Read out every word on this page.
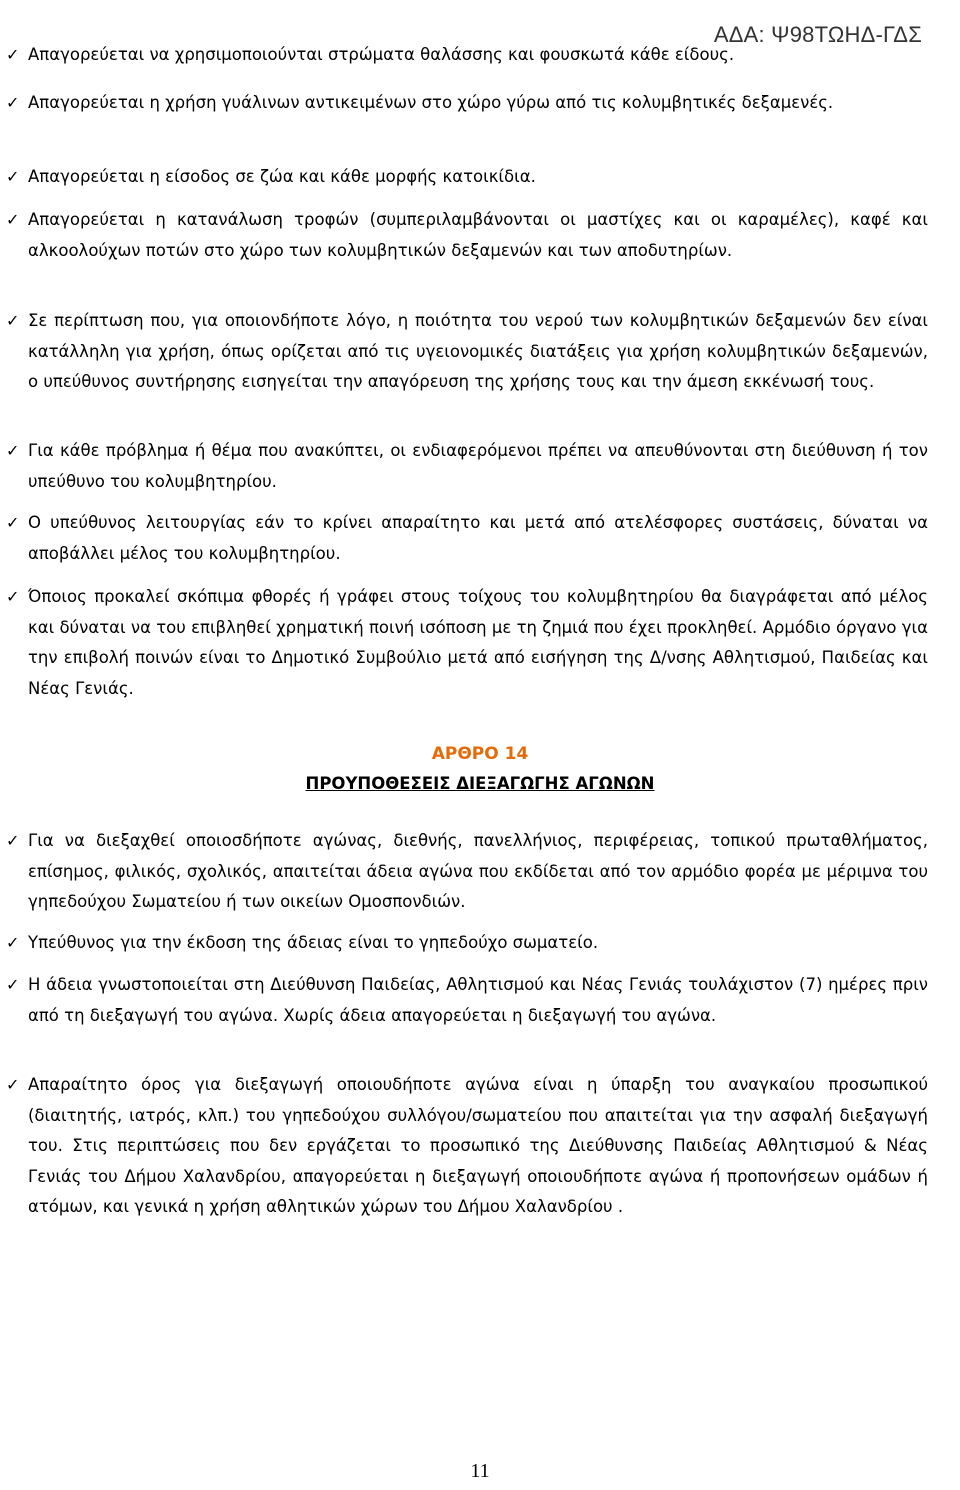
ΑΔΑ: Ψ98ΤΩΗΔ-ΓΔΣ
✓ Απαγορεύεται να χρησιμοποιούνται στρώματα θαλάσσης και φουσκωτά κάθε είδους.
✓ Απαγορεύεται η χρήση γυάλινων αντικειμένων στο χώρο γύρω από τις κολυμβητικές δεξαμενές.
✓ Απαγορεύεται η είσοδος σε ζώα και κάθε μορφής κατοικίδια.
✓ Απαγορεύεται η κατανάλωση τροφών (συμπεριλαμβάνονται οι μαστίχες και οι καραμέλες), καφέ και αλκοολούχων ποτών στο χώρο των κολυμβητικών δεξαμενών και των αποδυτηρίων.
✓ Σε περίπτωση που, για οποιονδήποτε λόγο, η ποιότητα του νερού των κολυμβητικών δεξαμενών δεν είναι κατάλληλη για χρήση, όπως ορίζεται από τις υγειονομικές διατάξεις για χρήση κολυμβητικών δεξαμενών, ο υπεύθυνος συντήρησης εισηγείται την απαγόρευση της χρήσης τους και την άμεση εκκένωσή τους.
✓ Για κάθε πρόβλημα ή θέμα που ανακύπτει, οι ενδιαφερόμενοι πρέπει να απευθύνονται στη διεύθυνση ή τον υπεύθυνο του κολυμβητηρίου.
✓ Ο υπεύθυνος λειτουργίας εάν το κρίνει απαραίτητο και μετά από ατελέσφορες συστάσεις, δύναται να αποβάλλει μέλος του κολυμβητηρίου.
✓ Όποιος προκαλεί σκόπιμα φθορές ή γράφει στους τοίχους του κολυμβητηρίου θα διαγράφεται από μέλος και δύναται να του επιβληθεί χρηματική ποινή ισόποση με τη ζημιά που έχει προκληθεί. Αρμόδιο όργανο για την επιβολή ποινών είναι το Δημοτικό Συμβούλιο μετά από εισήγηση της Δ/νσης Αθλητισμού, Παιδείας και Νέας Γενιάς.
ΑΡΘΡΟ 14
ΠΡΟΥΠΟΘΕΣΕΙΣ ΔΙΕΞΑΓΩΓΗΣ ΑΓΩΝΩΝ
✓ Για να διεξαχθεί οποιοσδήποτε αγώνας, διεθνής, πανελλήνιος, περιφέρειας, τοπικού πρωταθλήματος, επίσημος, φιλικός, σχολικός, απαιτείται άδεια αγώνα που εκδίδεται από τον αρμόδιο φορέα με μέριμνα του γηπεδούχου Σωματείου ή των οικείων Ομοσπονδιών.
✓ Υπεύθυνος για την έκδοση της άδειας είναι το γηπεδούχο σωματείο.
✓ Η άδεια γνωστοποιείται στη Διεύθυνση Παιδείας, Αθλητισμού και Νέας Γενιάς τουλάχιστον (7) ημέρες πριν από τη διεξαγωγή του αγώνα. Χωρίς άδεια απαγορεύεται η διεξαγωγή του αγώνα.
✓ Απαραίτητο όρος για διεξαγωγή οποιουδήποτε αγώνα είναι η ύπαρξη του αναγκαίου προσωπικού (διαιτητής, ιατρός, κλπ.) του γηπεδούχου συλλόγου/σωματείου που απαιτείται για την ασφαλή διεξαγωγή του. Στις περιπτώσεις που δεν εργάζεται το προσωπικό της Διεύθυνσης Παιδείας Αθλητισμού & Νέας Γενιάς του Δήμου Χαλανδρίου, απαγορεύεται η διεξαγωγή οποιουδήποτε αγώνα ή προπονήσεων ομάδων ή ατόμων, και γενικά η χρήση αθλητικών χώρων του Δήμου Χαλανδρίου .
11
